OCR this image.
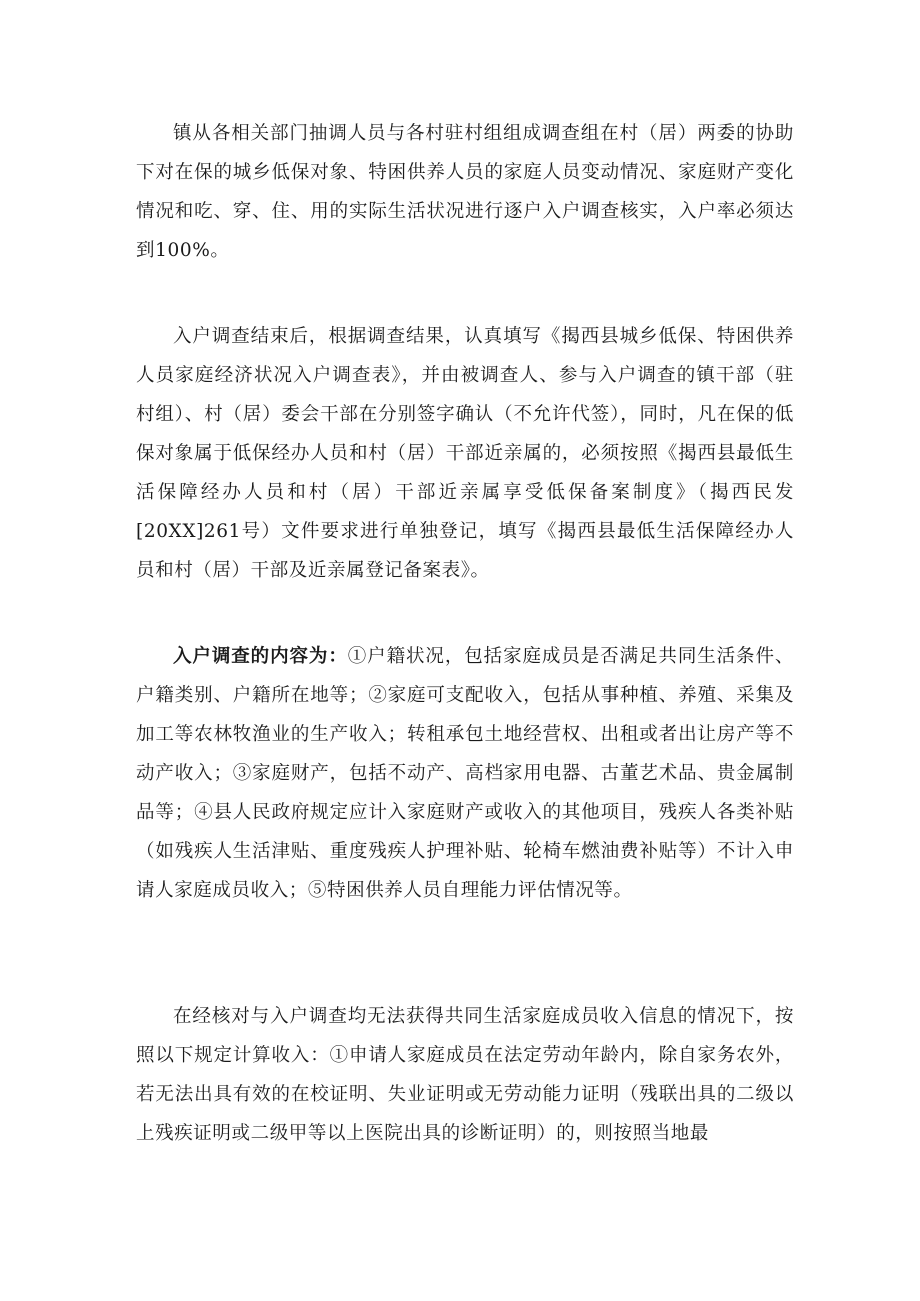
镇从各相关部门抽调人员与各村驻村组组成调查组在村（居）两委的协助下对在保的城乡低保对象、特困供养人员的家庭人员变动情况、家庭财产变化情况和吃、穿、住、用的实际生活状况进行逐户入户调查核实，入户率必须达到100%。

入户调查结束后，根据调查结果，认真填写《揭西县城乡低保、特困供养人员家庭经济状况入户调查表》，并由被调查人、参与入户调查的镇干部（驻村组）、村（居）委会干部在分别签字确认（不允许代签），同时，凡在保的低保对象属于低保经办人员和村（居）干部近亲属的，必须按照《揭西县最低生活保障经办人员和村（居）干部近亲属享受低保备案制度》（揭西民发[20XX]261号）文件要求进行单独登记，填写《揭西县最低生活保障经办人员和村（居）干部及近亲属登记备案表》。

入户调查的内容为：①户籍状况，包括家庭成员是否满足共同生活条件、户籍类别、户籍所在地等；②家庭可支配收入，包括从事种植、养殖、采集及加工等农林牧渔业的生产收入；转租承包土地经营权、出租或者出让房产等不动产收入；③家庭财产，包括不动产、高档家用电器、古董艺术品、贵金属制品等；④县人民政府规定应计入家庭财产或收入的其他项目，残疾人各类补贴（如残疾人生活津贴、重度残疾人护理补贴、轮椅车燃油费补贴等）不计入申请人家庭成员收入；⑤特困供养人员自理能力评估情况等。

在经核对与入户调查均无法获得共同生活家庭成员收入信息的情况下，按照以下规定计算收入：①申请人家庭成员在法定劳动年龄内，除自家务农外，若无法出具有效的在校证明、失业证明或无劳动能力证明（残联出具的二级以上残疾证明或二级甲等以上医院出具的诊断证明）的，则按照当地最
